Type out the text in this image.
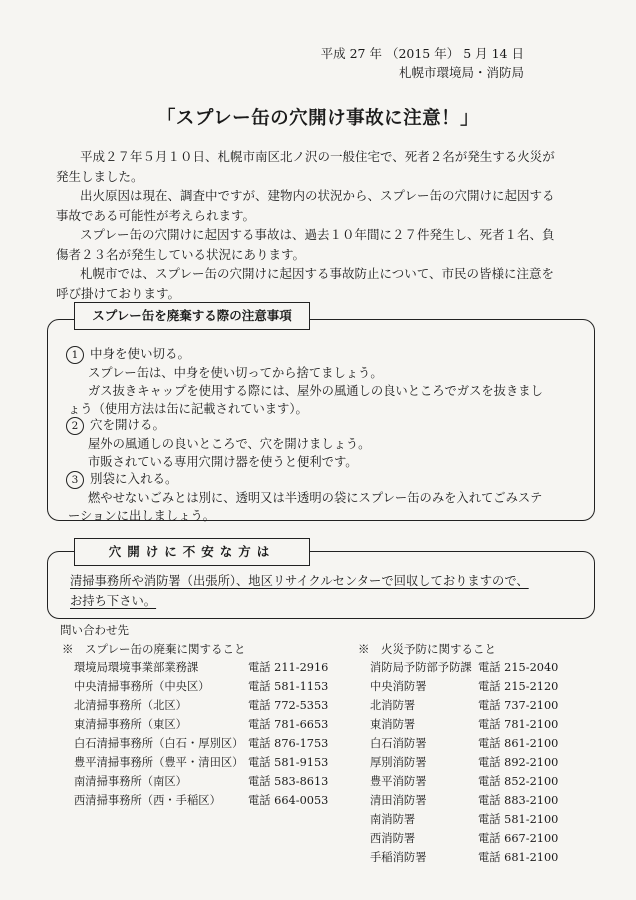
平成 27 年 （2015 年） 5 月 14 日
札幌市環境局・消防局
「スプレー缶の穴開け事故に注意！」
平成２７年５月１０日、札幌市南区北ノ沢の一般住宅で、死者２名が発生する火災が
発生しました。
出火原因は現在、調査中ですが、建物内の状況から、スプレー缶の穴開けに起因する
事故である可能性が考えられます。
スプレー缶の穴開けに起因する事故は、過去１０年間に２７件発生し、死者１名、負
傷者２３名が発生している状況にあります。
札幌市では、スプレー缶の穴開けに起因する事故防止について、市民の皆様に注意を
呼び掛けております。
スプレー缶を廃棄する際の注意事項
1 中身を使い切る。
スプレー缶は、中身を使い切ってから捨てましょう。
ガス抜きキャップを使用する際には、屋外の風通しの良いところでガスを抜きまし
ょう（使用方法は缶に記載されています）。
2 穴を開ける。
屋外の風通しの良いところで、穴を開けましょう。
市販されている専用穴開け器を使うと便利です。
3 別袋に入れる。
燃やせないごみとは別に、透明又は半透明の袋にスプレー缶のみを入れてごみステ
ーションに出しましょう。
穴開けに不安な方は
清掃事務所や消防署（出張所）、地区リサイクルセンターで回収しておりますので、
お持ち下さい。
問い合わせ先
※　スプレー缶の廃棄に関すること	※　火災予防に関すること
環境局環境事業部業務課	電話 211-2916
中央清掃事務所（中央区）	電話 581-1153
北清掃事務所（北区）	電話 772-5353
東清掃事務所（東区）	電話 781-6653
白石清掃事務所（白石・厚別区） 電話 876-1753
豊平清掃事務所（豊平・清田区） 電話 581-9153
南清掃事務所（南区）	電話 583-8613
西清掃事務所（西・手稲区） 電話 664-0053
消防局予防部予防課 電話 215-2040
中央消防署	電話 215-2120
北消防署	電話 737-2100
東消防署	電話 781-2100
白石消防署	電話 861-2100
厚別消防署	電話 892-2100
豊平消防署	電話 852-2100
清田消防署	電話 883-2100
南消防署	電話 581-2100
西消防署	電話 667-2100
手稲消防署	電話 681-2100
